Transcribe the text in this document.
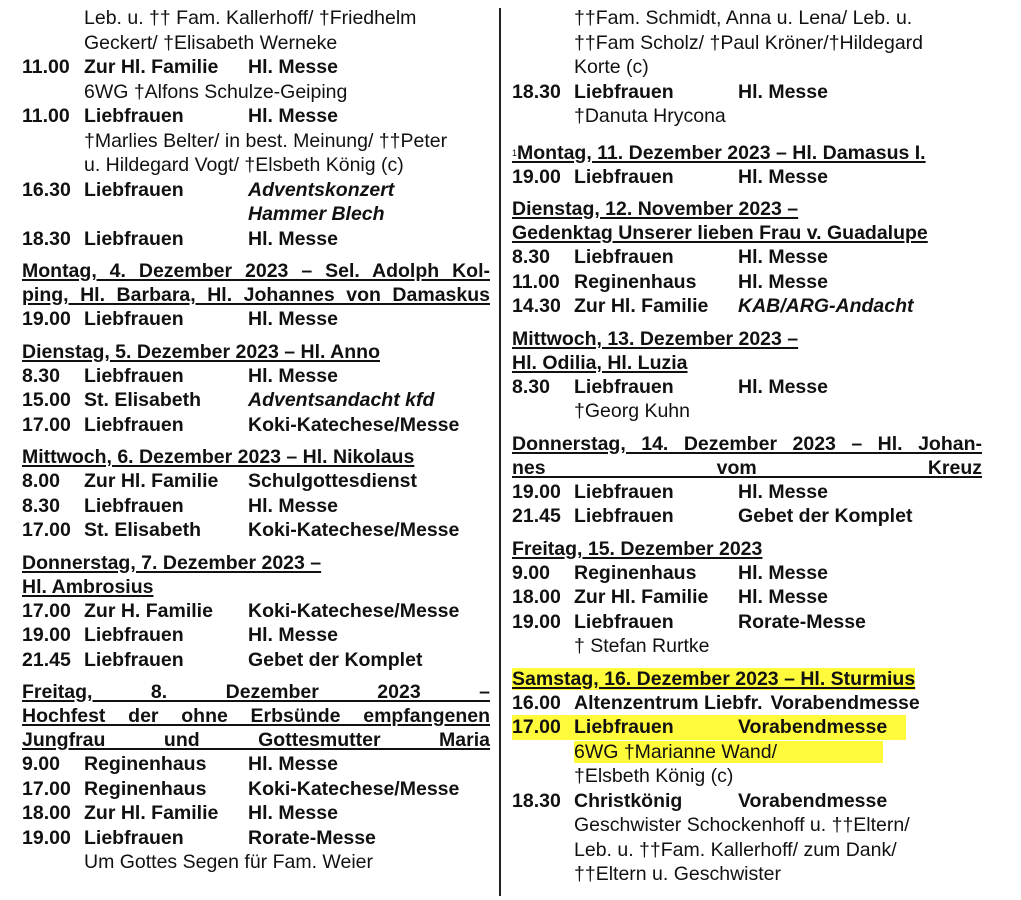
Leb. u. †† Fam. Kallerhoff/ †Friedhelm
Geckert/ †Elisabeth Werneke
11.00 Zur Hl. Familie	Hl. Messe
6WG †Alfons Schulze-Geiping
11.00 Liebfrauen	Hl. Messe
†Marlies Belter/ in best. Meinung/ ††Peter
u. Hildegard Vogt/ †Elsbeth König (c)
16.30 Liebfrauen	Adventskonzert
Hammer Blech
18.30 Liebfrauen	Hl. Messe
Montag, 4. Dezember 2023 – Sel. Adolph Kol-
ping, Hl. Barbara, Hl. Johannes von Damaskus
19.00 Liebfrauen	Hl. Messe
Dienstag, 5. Dezember 2023 – Hl. Anno
8.30	Liebfrauen	Hl. Messe
15.00 St. Elisabeth	Adventsandacht kfd
17.00 Liebfrauen	Koki-Katechese/Messe
Mittwoch, 6. Dezember 2023 – Hl. Nikolaus
8.00	Zur Hl. Familie	Schulgottesdienst
8.30	Liebfrauen	Hl. Messe
17.00 St. Elisabeth	Koki-Katechese/Messe
Donnerstag, 7. Dezember 2023 –
Hl. Ambrosius
17.00 Zur H. Familie	Koki-Katechese/Messe
19.00 Liebfrauen	Hl. Messe
21.45 Liebfrauen	Gebet der Komplet
Freitag, 8. Dezember 2023 –
Hochfest der ohne Erbsünde empfangenen
Jungfrau und Gottesmutter Maria
9.00	Reginenhaus	Hl. Messe
17.00 Reginenhaus	Koki-Katechese/Messe
18.00 Zur Hl. Familie	Hl. Messe
19.00 Liebfrauen	Rorate-Messe
Um Gottes Segen für Fam. Weier
††Fam. Schmidt, Anna u. Lena/ Leb. u.
††Fam Scholz/ †Paul Kröner/†Hildegard
Korte (c)
18.30 Liebfrauen	Hl. Messe
†Danuta Hrycona
$^1$Montag, 11. Dezember 2023 – Hl. Damasus I.
19.00 Liebfrauen	Hl. Messe
Dienstag, 12. November 2023 –
Gedenktag Unserer lieben Frau v. Guadalupe
8.30	Liebfrauen	Hl. Messe
11.00 Reginenhaus	Hl. Messe
14.30 Zur Hl. Familie	KAB/ARG-Andacht
Mittwoch, 13. Dezember 2023 –
Hl. Odilia, Hl. Luzia
8.30	Liebfrauen	Hl. Messe
†Georg Kuhn
Donnerstag, 14. Dezember 2023 – Hl. Johan-
nes vom Kreuz
19.00 Liebfrauen	Hl. Messe
21.45 Liebfrauen	Gebet der Komplet
Freitag, 15. Dezember 2023
9.00	Reginenhaus	Hl. Messe
18.00 Zur Hl. Familie	Hl. Messe
19.00 Liebfrauen	Rorate-Messe
† Stefan Rurtke
Samstag, 16. Dezember 2023 – Hl. Sturmius
16.00 Altenzentrum Liebfr. Vorabendmesse
17.00 Liebfrauen	Vorabendmesse
6WG †Marianne Wand/
†Elsbeth König (c)
18.30 Christkönig	Vorabendmesse
Geschwister Schockenhoff u. ††Eltern/
Leb. u. ††Fam. Kallerhoff/ zum Dank/
††Eltern u. Geschwister
